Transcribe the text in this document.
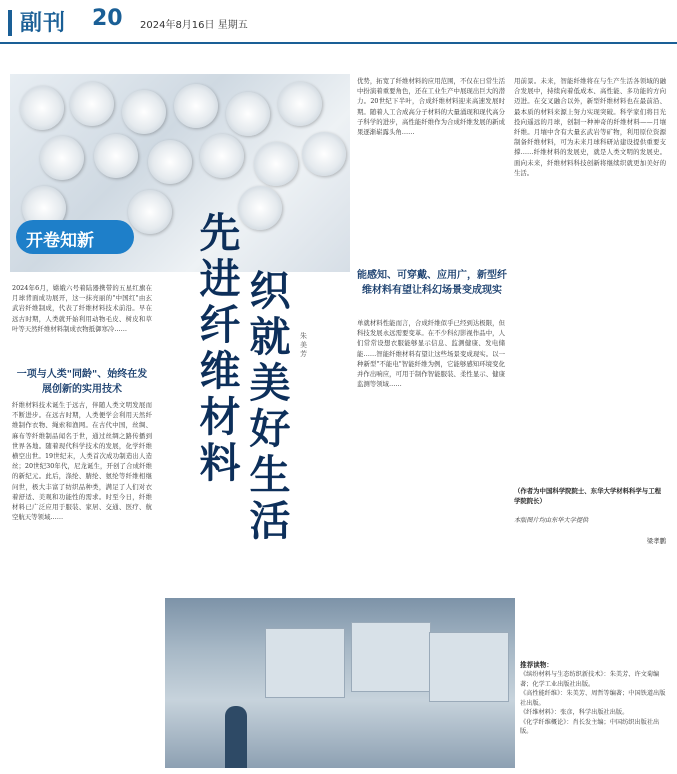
副刊 20 2024年8月16日 星期五
开卷知新
2024年6月，嫦娥六号着陆器携带的五星红旗在月球背面成功展开，这一抹亮丽的"中国红"由玄武岩纤维制成，代表了纤维材料技术前沿。早在远古时期，人类就开始利用动物毛皮、树皮和草叶等天然纤维材料制成衣物抵御寒冷……
一项与人类"同龄"、始终在发展创新的实用技术
纤维材料技术诞生于远古，伴随人类文明发展而不断进步。在远古时期，人类便学会利用天然纤维制作衣物、绳索和渔网。在古代中国，丝绸、麻布等纤维制品闻名于世，通过丝绸之路传播到世界各地。随着现代科学技术的发展，化学纤维横空出世。19世纪末，人类首次成功制造出人造丝；20世纪30年代，尼龙诞生，开创了合成纤维的新纪元。此后，涤纶、腈纶、氨纶等纤维相继问世，极大丰富了纺织品种类，满足了人们对衣着舒适、美观和功能性的需求。时至今日，纤维材料已广泛应用于服装、家居、交通、医疗、航空航天等领域……
先进纤维材料
织就美好生活
朱美芳
优势，拓宽了纤维材料的应用范围，不仅在日常生活中扮演着重要角色，还在工业生产中展现出巨大的潜力。20世纪下半叶，合成纤维材料迎来高速发展时期。随着人工合成高分子材料的大量涌现和现代高分子科学的进步，高性能纤维作为合成纤维发展的新成果逐渐崭露头角……
能感知、可穿戴、应用广，新型纤维材料有望让科幻场景变成现实
单就材料性能而言，合成纤维似乎已经到达极限，但科技发展永远需要变革。在不少科幻影视作品中，人们常常设想衣服能够显示信息、监测健康、发电储能……智能纤维材料有望让这些场景变成现实。以一种新型"不能电"智能纤维为例，它能够感知环境变化并作出响应，可用于制作智能服装、柔性显示、健康监测等领域……
用前景。未来，智能纤维将在与生产生活各领域的融合发展中，持续向着低成本、高性能、多功能的方向迈进。在交叉融合以外，新型纤维材料也在最前沿、最本质的材料来源上努力实现突破。科学家们将目光投向遥远的月球，创制一种神奇的纤维材料——月壤纤维。月壤中含有大量玄武岩等矿物，利用原位资源制备纤维材料，可为未来月球科研站建设提供重要支撑……纤维材料的发展史，就是人类文明的发展史。面向未来，纤维材料科技创新将继续织就更加美好的生活。
（作者为中国科学院院士、东华大学材料科学与工程学院院长）
本版图片均由东华大学提供
梁孝鹏
推荐读物：
《缤纷材料与生态纺织新技术》：朱美芳、许文菊编著；化学工业出版社出版。
《高性能纤维》：朱美芳、周哲等编著；中国铁道出版社出版。
《纤维材料》：张彦，科学出版社出版。
《化学纤维概论》：肖长发主编；中国纺织出版社出版。
